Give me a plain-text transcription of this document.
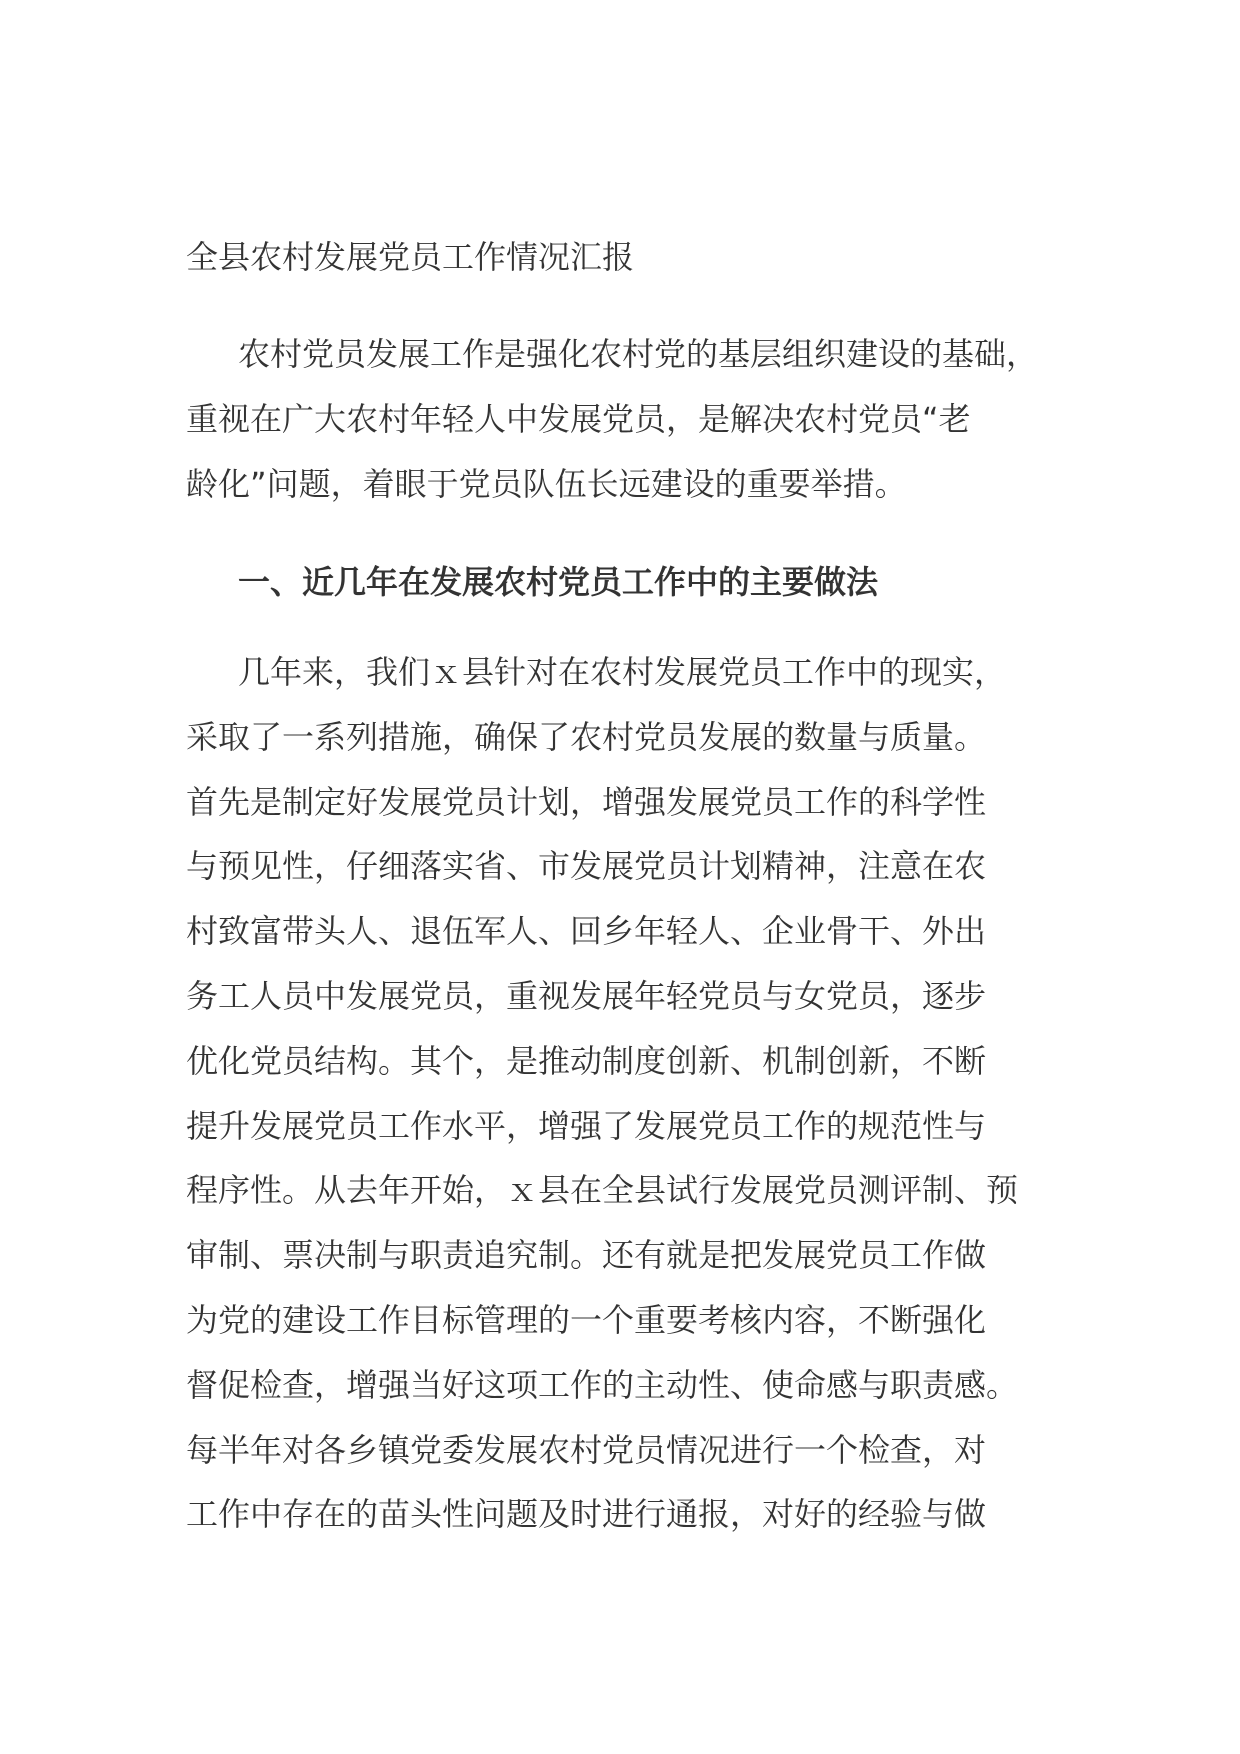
全县农村发展党员工作情况汇报
农村党员发展工作是强化农村党的基层组织建设的基础，
重视在广大农村年轻人中发展党员，是解决农村党员“老
龄化”问题，着眼于党员队伍长远建设的重要举措。
一、近几年在发展农村党员工作中的主要做法
几年来，我们ｘ县针对在农村发展党员工作中的现实，
采取了一系列措施，确保了农村党员发展的数量与质量。
首先是制定好发展党员计划，增强发展党员工作的科学性
与预见性，仔细落实省、市发展党员计划精神，注意在农
村致富带头人、退伍军人、回乡年轻人、企业骨干、外出
务工人员中发展党员，重视发展年轻党员与女党员，逐步
优化党员结构。其个，是推动制度创新、机制创新，不断
提升发展党员工作水平，增强了发展党员工作的规范性与
程序性。从去年开始，ｘ县在全县试行发展党员测评制、预
审制、票决制与职责追究制。还有就是把发展党员工作做
为党的建设工作目标管理的一个重要考核内容，不断强化
督促检查，增强当好这项工作的主动性、使命感与职责感。
每半年对各乡镇党委发展农村党员情况进行一个检查，对
工作中存在的苗头性问题及时进行通报，对好的经验与做
